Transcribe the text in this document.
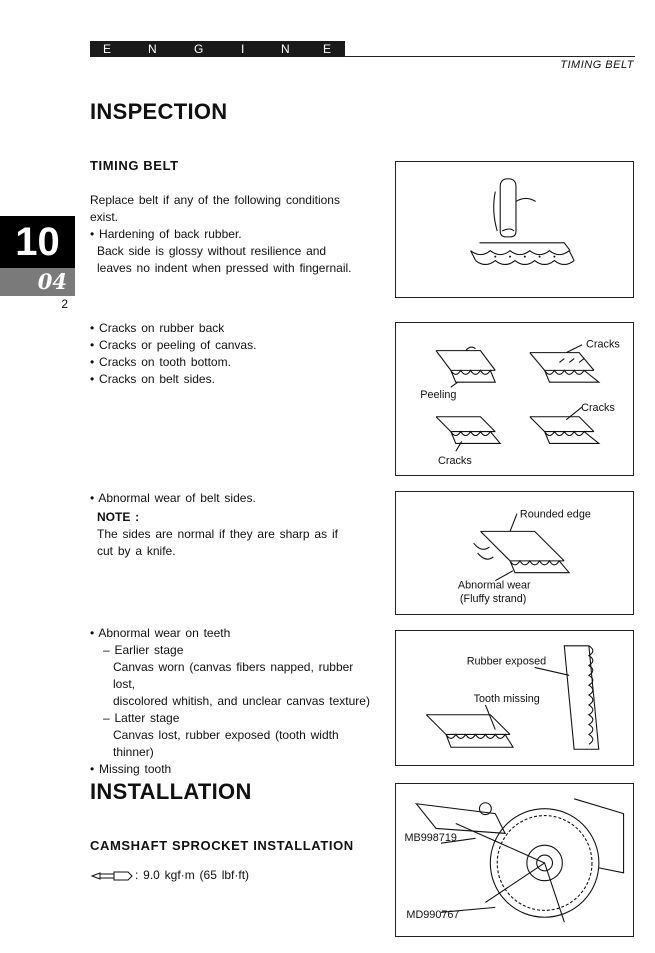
E	N	G	I	N	E
TIMING BELT
10
04
2
INSPECTION
TIMING BELT
Replace belt if any of the following conditions
exist.
• Hardening of back rubber.
Back side is glossy without resilience and
leaves no indent when pressed with fingernail.
• Cracks on rubber back
• Cracks or peeling of canvas.
• Cracks on tooth bottom.
• Cracks on belt sides.
• Abnormal wear of belt sides.
NOTE :
The sides are normal if they are sharp as if
cut by a knife.
• Abnormal wear on teeth
– Earlier stage
Canvas worn (canvas fibers napped, rubber lost,
discolored whitish, and unclear canvas texture)
– Latter stage
Canvas lost, rubber exposed (tooth width thinner)
• Missing tooth
INSTALLATION
CAMSHAFT SPROCKET INSTALLATION
: 9.0 kgf·m (65 lbf·ft)
Cracks
Peeling
Cracks
Cracks
Rounded edge
Abnormal wear
(Fluffy strand)
Rubber exposed
Tooth missing
MB998719
MD990767
